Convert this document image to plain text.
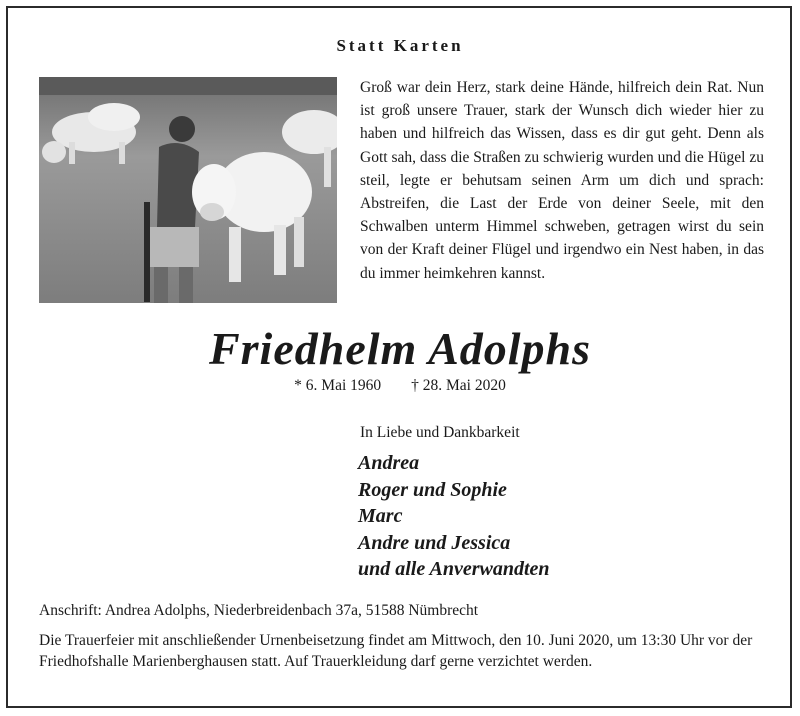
Statt Karten
Groß war dein Herz, stark deine Hände, hilfreich dein Rat. Nun ist groß unsere Trauer, stark der Wunsch dich wieder hier zu haben und hilfreich das Wissen, dass es dir gut geht. Denn als Gott sah, dass die Straßen zu schwierig wurden und die Hügel zu steil, legte er behutsam seinen Arm um dich und sprach: Abstreifen, die Last der Erde von deiner Seele, mit den Schwalben unterm Himmel schweben, getragen wirst du sein von der Kraft deiner Flügel und irgendwo ein Nest haben, in das du immer heimkehren kannst.
Friedhelm Adolphs
* 6. Mai 1960 † 28. Mai 2020
In Liebe und Dankbarkeit
Andrea
Roger und Sophie
Marc
Andre und Jessica
und alle Anverwandten
Anschrift: Andrea Adolphs, Niederbreidenbach 37a, 51588 Nümbrecht
Die Trauerfeier mit anschließender Urnenbeisetzung findet am Mittwoch, den 10. Juni 2020, um 13:30 Uhr vor der Friedhofshalle Marienberghausen statt. Auf Trauerkleidung darf gerne verzichtet werden.
